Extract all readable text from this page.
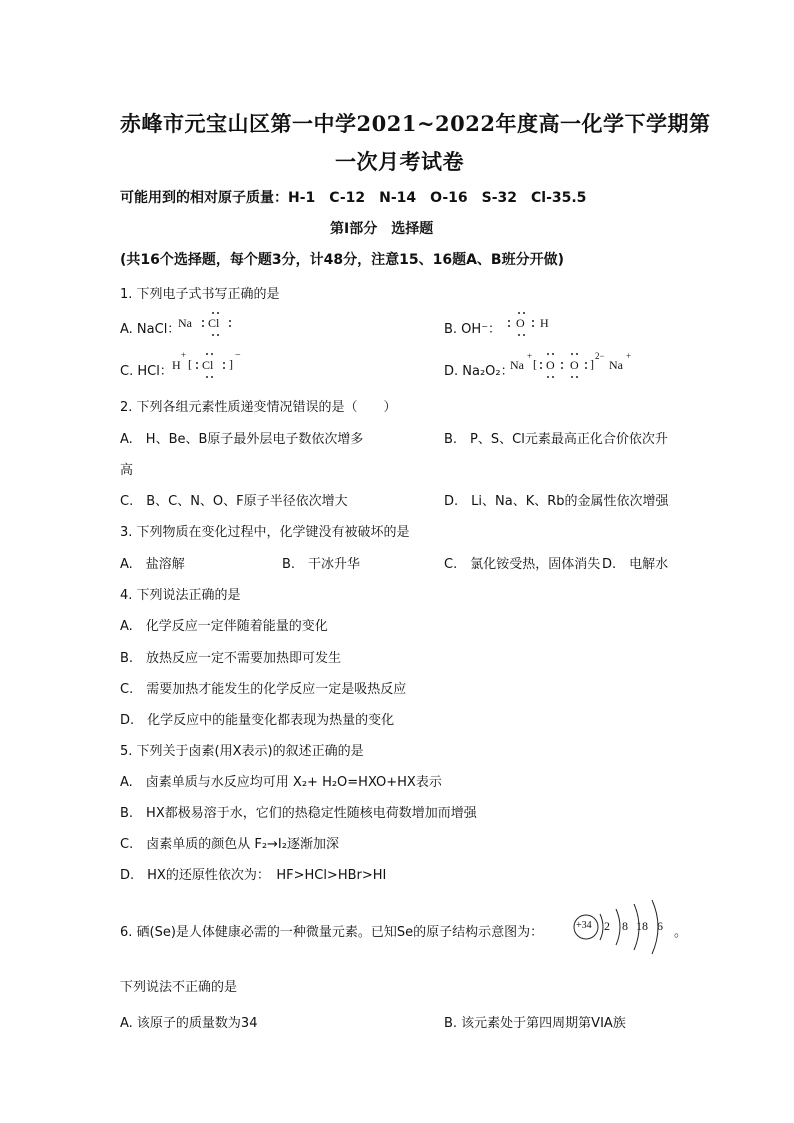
赤峰市元宝山区第一中学2021~2022年度高一化学下学期第
一次月考试卷
可能用到的相对原子质量：H-1　C-12　N-14　O-16　S-32　Cl-35.5
第Ⅰ部分　选择题
(共16个选择题，每个题3分，计48分，注意15、16题A、B班分开做)
1. 下列电子式书写正确的是
A. NaCl：
Na Cl	B. OH⁻： O H
C. HCl： H
+
[ Cl ]
−
D. Na₂O₂：
Na
+
[ O O ]
2−
Na
+
2. 下列各组元素性质递变情况错误的是（　　）
A.　H、Be、B原子最外层电子数依次增多	B.　P、S、Cl元素最高正化合价依次升
高
C.　B、C、N、O、F原子半径依次增大	D.　Li、Na、K、Rb的金属性依次增强
3. 下列物质在变化过程中，化学键没有被破坏的是
A.　盐溶解	B.　干冰升华	C.　氯化铵受热，固体消失 D.　电解水
4. 下列说法正确的是
A.　化学反应一定伴随着能量的变化
B.　放热反应一定不需要加热即可发生
C.　需要加热才能发生的化学反应一定是吸热反应
D.　化学反应中的能量变化都表现为热量的变化
5. 下列关于卤素(用X表示)的叙述正确的是
A.　卤素单质与水反应均可用 X₂+ H₂O=HXO+HX表示
B.　HX都极易溶于水，它们的热稳定性随核电荷数增加而增强
C.　卤素单质的颜色从 F₂→I₂逐渐加深
D.　HX的还原性依次为：　HF>HCl>HBr>HI
6. 硒(Se)是人体健康必需的一种微量元素。已知Se的原子结构示意图为：	+34 2 8 18 6 。
下列说法不正确的是
A. 该原子的质量数为34	B. 该元素处于第四周期第VIA族
